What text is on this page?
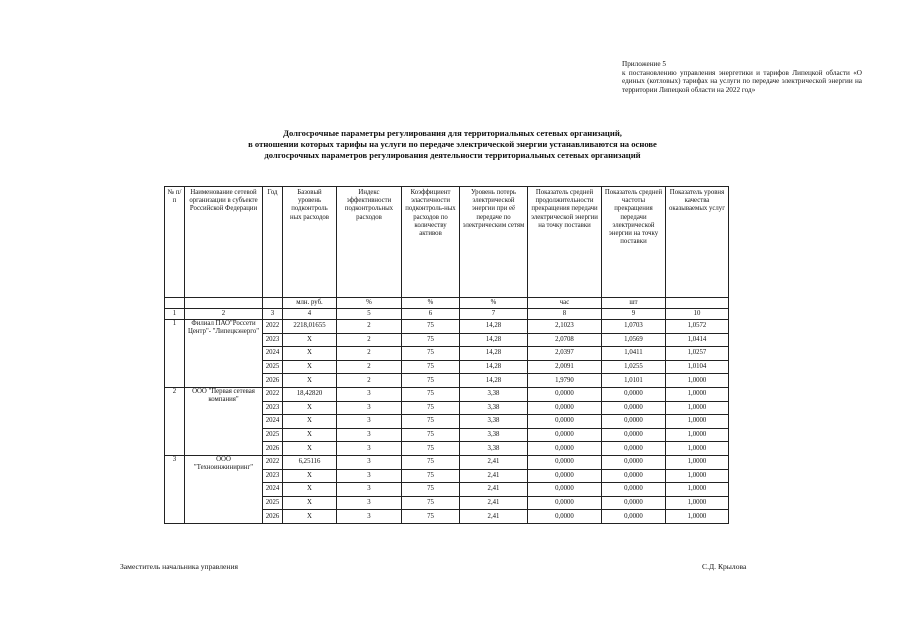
Приложение 5

к постановлению управления энергетики и тарифов Липецкой области «О единых (котловых) тарифах на услуги по передаче электрической энергии на территории Липецкой области на 2022 год»

Долгосрочные параметры регулирования для территориальных сетевых организаций,
в отношении которых тарифы на услуги по передаче электрической энергии устанавливаются на основе
долгосрочных параметров регулирования деятельности территориальных сетевых организаций
№ п/п	Наименование сетевой организации в субъекте Российской Федерации	Год	Базовый уровень подконтроль ных расходов	Индекс эффективности подконтрольных расходов	Коэффициент эластичности подконтроль-ных расходов по количеству активов	Уровень потерь электрической энергии при её передаче по электрическим сетям	Показатель средней продолжительности прекращения передачи электрической энергии на точку поставки	Показатель средней частоты прекращения передачи электрической энергии на точку поставки	Показатель уровня качества оказываемых услуг
			млн. руб.	%	%	%	час	шт	
1	2	3	4	5	6	7	8	9	10
1	Филиал ПАО"Россети Центр"- "Липецкэнерго"	2022	2218,01655	2	75	14,28	2,1023	1,0703	1,0572
		2023	X	2	75	14,28	2,0708	1,0569	1,0414
		2024	X	2	75	14,28	2,0397	1,0411	1,0257
		2025	X	2	75	14,28	2,0091	1,0255	1,0104
		2026	X	2	75	14,28	1,9790	1,0101	1,0000
2	ООО "Первая сетевая компания"	2022	18,42820	3	75	3,38	0,0000	0,0000	1,0000
		2023	X	3	75	3,38	0,0000	0,0000	1,0000
		2024	X	3	75	3,38	0,0000	0,0000	1,0000
		2025	X	3	75	3,38	0,0000	0,0000	1,0000
		2026	X	3	75	3,38	0,0000	0,0000	1,0000
3	ООО "Техноинжиниринг"	2022	6,25116	3	75	2,41	0,0000	0,0000	1,0000
		2023	X	3	75	2,41	0,0000	0,0000	1,0000
		2024	X	3	75	2,41	0,0000	0,0000	1,0000
		2025	X	3	75	2,41	0,0000	0,0000	1,0000
		2026	X	3	75	2,41	0,0000	0,0000	1,0000
Заместитель начальника управления	С.Д. Крылова
